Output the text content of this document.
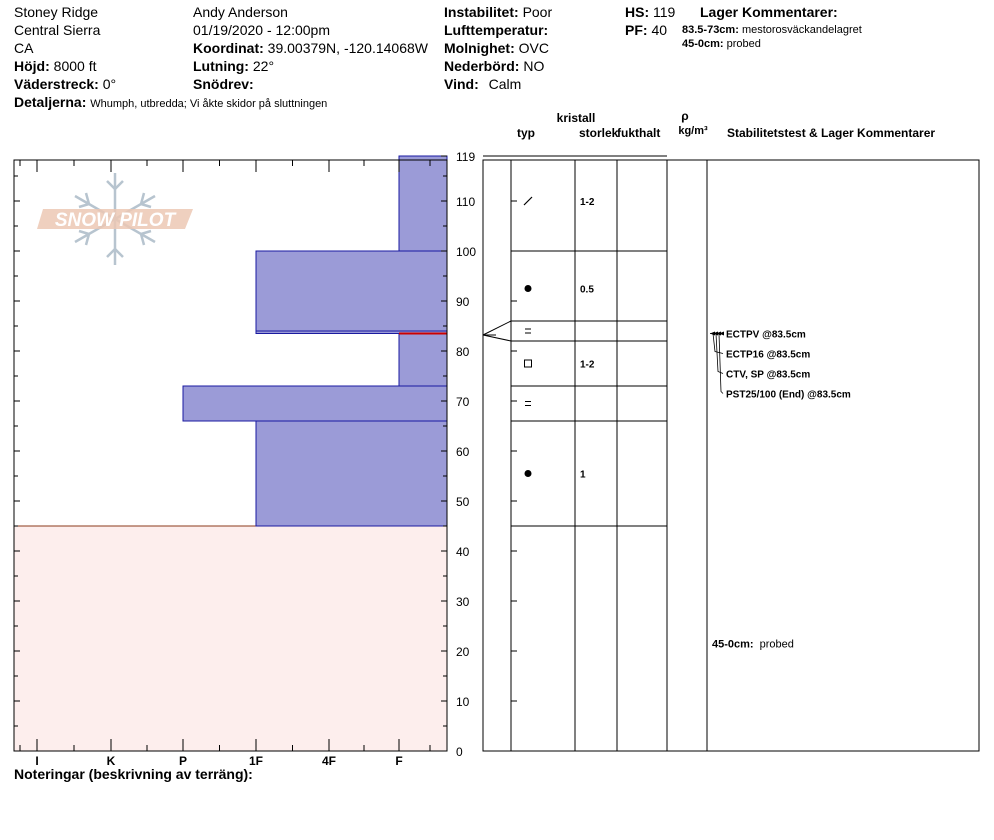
Stoney Ridge
Central Sierra
CA
Höjd: 8000 ft
Väderstreck: 0°
Detaljerna: Whumph, utbredda; Vi åkte skidor på sluttningen
Andy Anderson
01/19/2020 - 12:00pm
Koordinat: 39.00379N, -120.14068W
Lutning: 22°
Snödrev:
Instabilitet: Poor
Lufttemperatur:
Molnighet: OVC
Nederbörd: NO
Vind: Calm
HS: 119
PF: 40
Lager Kommentarer:
83.5-73cm: mestorosväckandelagret
45-0cm: probed
kristall
typ	storlek
fukthalt
ρ
kg/m³ Stabilitetstest & Lager Kommentarer
SNOW PILOT
Noteringar (beskrivning av terräng):
I	K	P	1F	4F	F
0
10
20
30
40
50
60
70
80
90
100
110
119
1-2
0.5
1-2
1
ECTPV @83.5cm
ECTP16 @83.5cm
CTV, SP @83.5cm
PST25/100 (End) @83.5cm
45-0cm: probed
